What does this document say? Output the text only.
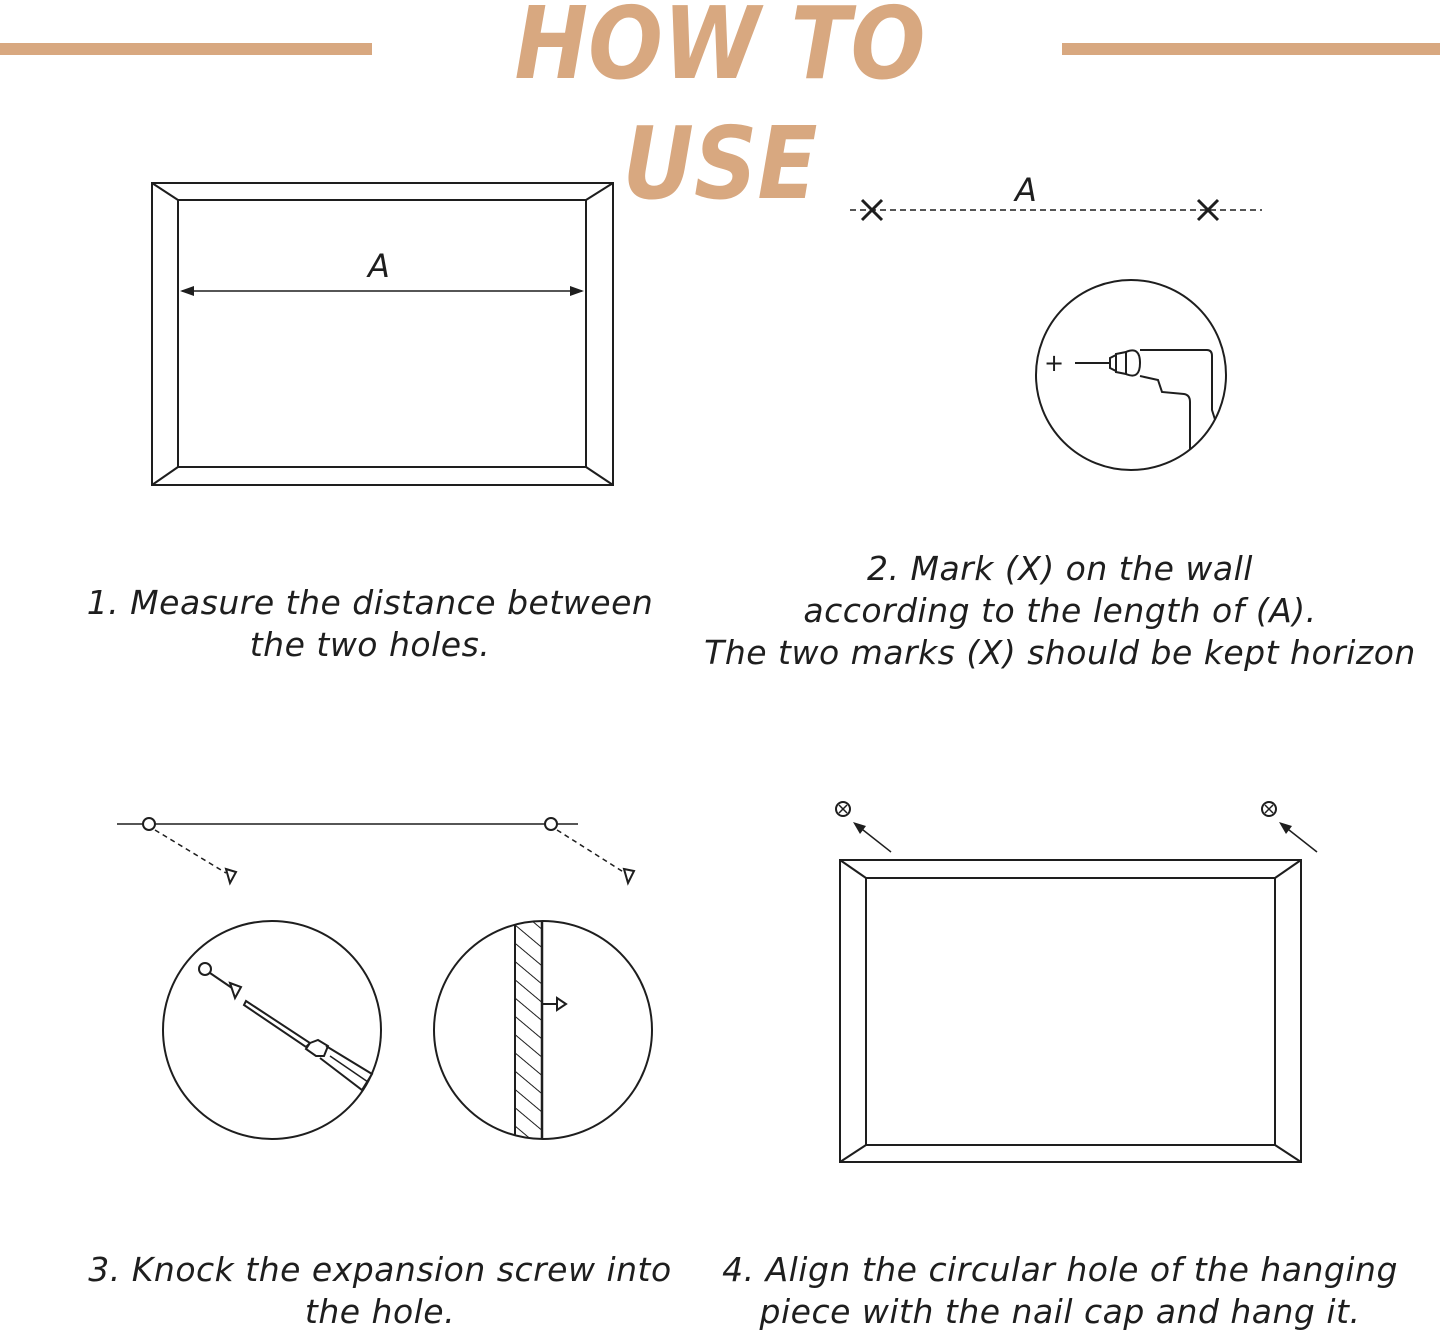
HOW TO USE
A
A
+
1. Measure the distance between
the two holes.
2. Mark (X) on the wall
according to the length of (A).
The two marks (X) should be kept horizon
3. Knock the expansion screw into
the hole.
4. Align the circular hole of the hanging
piece with the nail cap and hang it.
